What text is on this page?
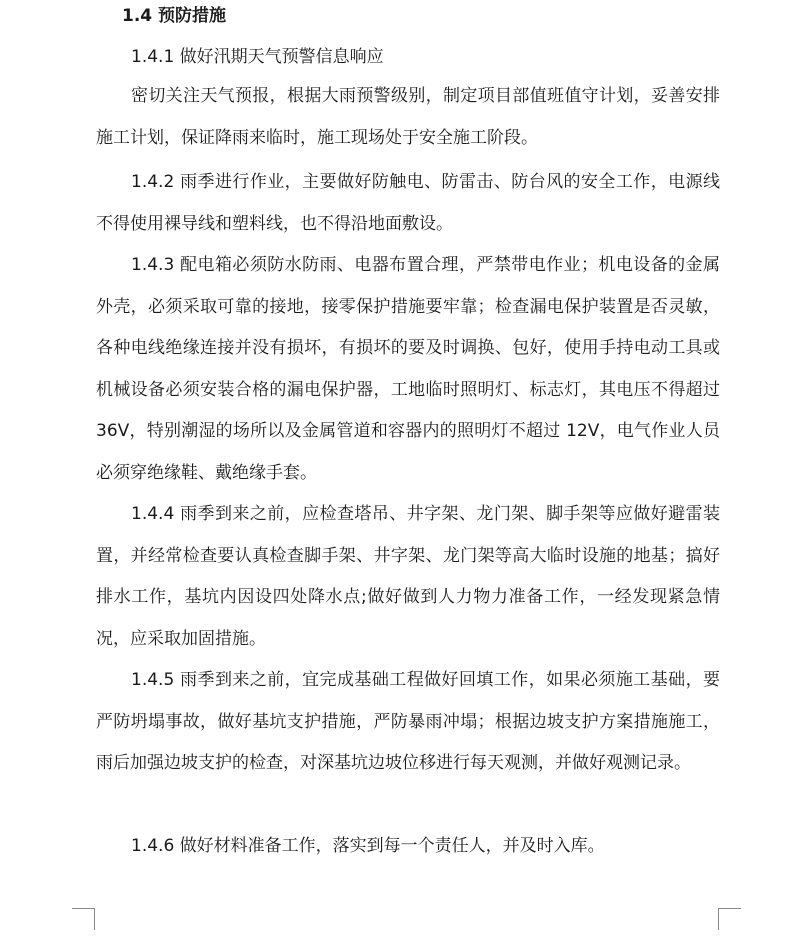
1.4 预防措施
1.4.1 做好汛期天气预警信息响应

密切关注天气预报，根据大雨预警级别，制定项目部值班值守计划，妥善安排施工计划，保证降雨来临时，施工现场处于安全施工阶段。

1.4.2 雨季进行作业，主要做好防触电、防雷击、防台风的安全工作，电源线不得使用裸导线和塑料线，也不得沿地面敷设。

1.4.3 配电箱必须防水防雨、电器布置合理，严禁带电作业；机电设备的金属外壳，必须采取可靠的接地，接零保护措施要牢靠；检查漏电保护装置是否灵敏，各种电线绝缘连接并没有损坏，有损坏的要及时调换、包好，使用手持电动工具或机械设备必须安装合格的漏电保护器，工地临时照明灯、标志灯，其电压不得超过 36V，特别潮湿的场所以及金属管道和容器内的照明灯不超过 12V，电气作业人员必须穿绝缘鞋、戴绝缘手套。

1.4.4 雨季到来之前，应检查塔吊、井字架、龙门架、脚手架等应做好避雷装置，并经常检查要认真检查脚手架、井字架、龙门架等高大临时设施的地基；搞好排水工作，基坑内因设四处降水点;做好做到人力物力准备工作，一经发现紧急情况，应采取加固措施。

1.4.5 雨季到来之前，宜完成基础工程做好回填工作，如果必须施工基础，要严防坍塌事故，做好基坑支护措施，严防暴雨冲塌；根据边坡支护方案措施施工，雨后加强边坡支护的检查，对深基坑边坡位移进行每天观测，并做好观测记录。

1.4.6 做好材料准备工作，落实到每一个责任人，并及时入库。
